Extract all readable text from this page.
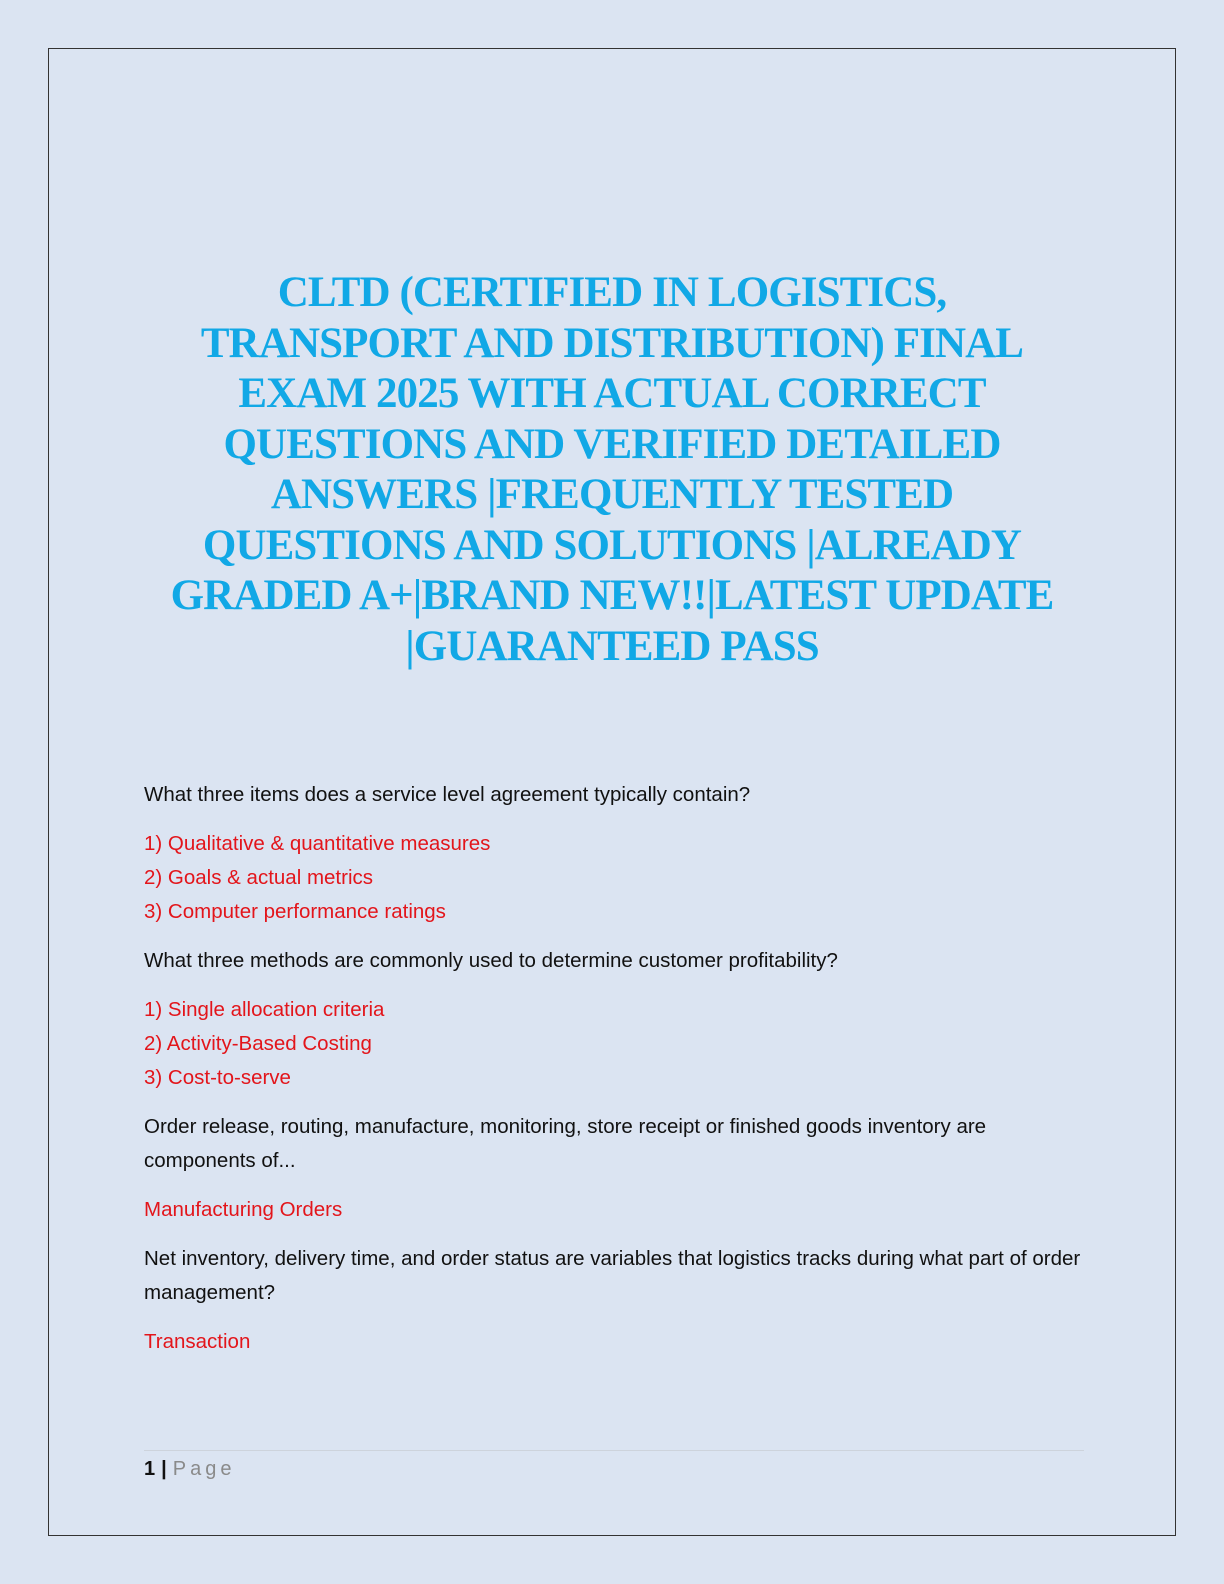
CLTD (CERTIFIED IN LOGISTICS, TRANSPORT AND DISTRIBUTION) FINAL EXAM 2025 WITH ACTUAL CORRECT QUESTIONS AND VERIFIED DETAILED ANSWERS |FREQUENTLY TESTED QUESTIONS AND SOLUTIONS |ALREADY GRADED A+|BRAND NEW!!|LATEST UPDATE |GUARANTEED PASS

What three items does a service level agreement typically contain?

1) Qualitative & quantitative measures
2) Goals & actual metrics
3) Computer performance ratings

What three methods are commonly used to determine customer profitability?

1) Single allocation criteria
2) Activity-Based Costing
3) Cost-to-serve

Order release, routing, manufacture, monitoring, store receipt or finished goods inventory are components of...

Manufacturing Orders

Net inventory, delivery time, and order status are variables that logistics tracks during what part of order management?

Transaction
1 | Page
